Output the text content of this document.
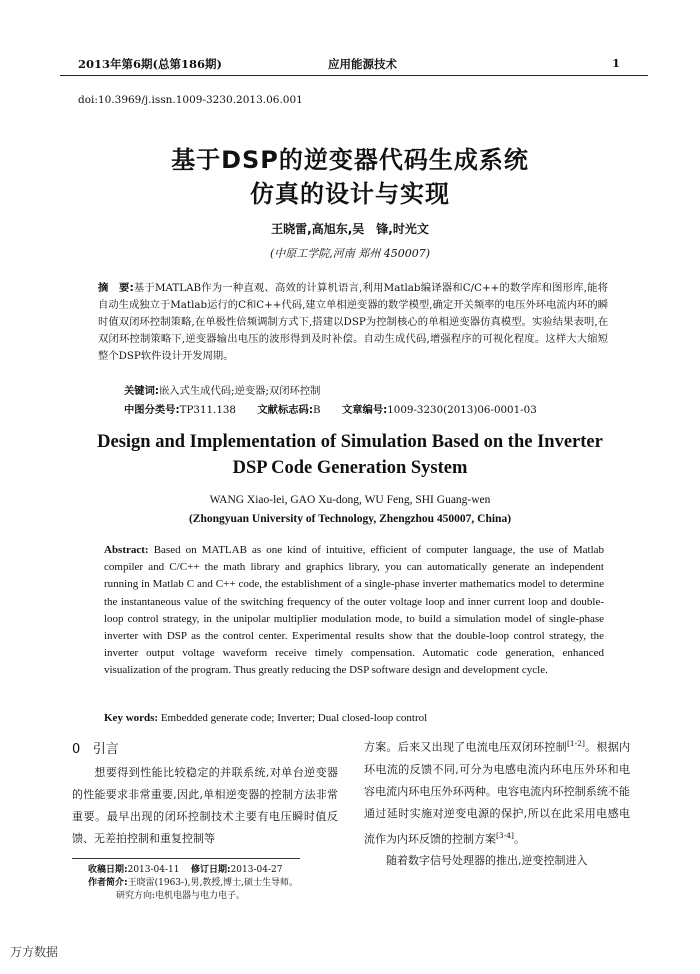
2013年第6期(总第186期)	应用能源技术	1
doi:10.3969/j.issn.1009-3230.2013.06.001
基于DSP的逆变器代码生成系统
仿真的设计与实现
王晓雷,高旭东,吴　锋,时光文
(中原工学院,河南 郑州 450007)
摘　要:基于MATLAB作为一种直观、高效的计算机语言,利用Matlab编译器和C/C++的数学库和图形库,能将自动生成独立于Matlab运行的C和C++代码,建立单相逆变器的数学模型,确定开关频率的电压外环电流内环的瞬时值双闭环控制策略,在单极性倍频调制方式下,搭建以DSP为控制核心的单相逆变器仿真模型。实验结果表明,在双闭环控制策略下,逆变器输出电压的波形得到及时补偿。自动生成代码,增强程序的可视化程度。这样大大缩短整个DSP软件设计开发周期。
关键词:嵌入式生成代码;逆变器;双闭环控制
中图分类号:TP311.138 文献标志码:B 文章编号:1009-3230(2013)06-0001-03
Design and Implementation of Simulation Based on the Inverter
DSP Code Generation System
WANG Xiao-lei, GAO Xu-dong, WU Feng, SHI Guang-wen
(Zhongyuan University of Technology, Zhengzhou 450007, China)
Abstract: Based on MATLAB as one kind of intuitive, efficient of computer language, the use of Matlab compiler and C/C++ the math library and graphics library, you can automatically generate an independent running in Matlab C and C++ code, the establishment of a single-phase inverter mathematics model to determine the instantaneous value of the switching frequency of the outer voltage loop and inner current loop and double-loop control strategy, in the unipolar multiplier modulation mode, to build a simulation model of single-phase inverter with DSP as the control center. Experimental results show that the double-loop control strategy, the inverter output voltage waveform receive timely compensation. Automatic code generation, enhanced visualization of the program. Thus greatly reducing the DSP software design and development cycle.
Key words: Embedded generate code; Inverter; Dual closed-loop control
0 引言
想要得到性能比较稳定的并联系统,对单台逆变器的性能要求非常重要,因此,单相逆变器的控制方法非常重要。最早出现的闭环控制技术主要有电压瞬时值反馈、无差拍控制和重复控制等
方案。后来又出现了电流电压双闭环控制[1-2]。根据内环电流的反馈不同,可分为电感电流内环电压外环和电容电流内环电压外环两种。电容电流内环控制系统不能通过延时实施对逆变电源的保护,所以在此采用电感电流作为内环反馈的控制方案[3-4]。
随着数字信号处理器的推出,逆变控制进入
收稿日期:2013-04-11 修订日期:2013-04-27
作者简介:王晓雷(1963-),男,教授,博士,硕士生导师。
研究方向:电机电器与电力电子。
万方数据
